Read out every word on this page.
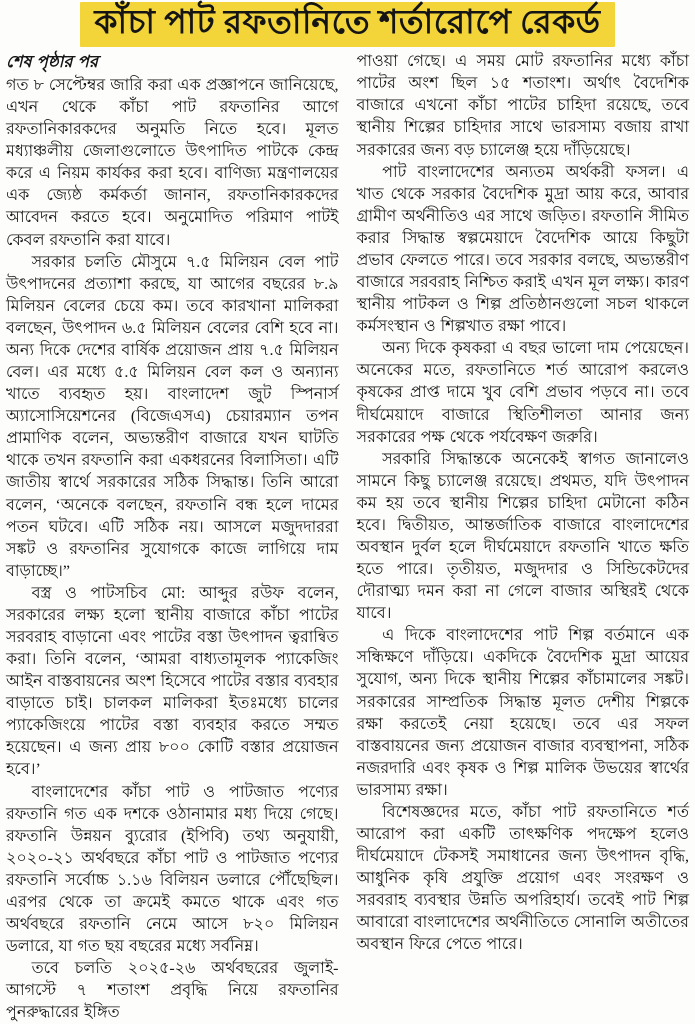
কাঁচা পাট রফতানিতে শর্তারোপে রেকর্ড
শেষ পৃষ্ঠার পর

গত ৮ সেপ্টেম্বর জারি করা এক প্রজ্ঞাপনে জানিয়েছে, এখন থেকে কাঁচা পাট রফতানির আগে রফতানিকারকদের অনুমতি নিতে হবে। মূলত মধ্যাঞ্চলীয় জেলাগুলোতে উৎপাদিত পাটকে কেন্দ্র করে এ নিয়ম কার্যকর করা হবে। বাণিজ্য মন্ত্রণালয়ের এক জ্যেষ্ঠ কর্মকর্তা জানান, রফতানিকারকদের আবেদন করতে হবে। অনুমোদিত পরিমাণ পাটই কেবল রফতানি করা যাবে।

সরকার চলতি মৌসুমে ৭.৫ মিলিয়ন বেল পাট উৎপাদনের প্রত্যাশা করছে, যা আগের বছরের ৮.৯ মিলিয়ন বেলের চেয়ে কম। তবে কারখানা মালিকরা বলছেন, উৎপাদন ৬.৫ মিলিয়ন বেলের বেশি হবে না। অন্য দিকে দেশের বার্ষিক প্রয়োজন প্রায় ৭.৫ মিলিয়ন বেল। এর মধ্যে ৫.৫ মিলিয়ন বেল কল ও অন্যান্য খাতে ব্যবহৃত হয়। বাংলাদেশ জুট স্পিনার্স অ্যাসোসিয়েশনের (বিজেএসএ) চেয়ারম্যান তপন প্রামাণিক বলেন, অভ্যন্তরীণ বাজারে যখন ঘাটতি থাকে তখন রফতানি করা একধরনের বিলাসিতা। এটি জাতীয় স্বার্থে সরকারের সঠিক সিদ্ধান্ত। তিনি আরো বলেন, ‘অনেকে বলছেন, রফতানি বন্ধ হলে দামের পতন ঘটবে। এটি সঠিক নয়। আসলে মজুদদাররা সঙ্কট ও রফতানির সুযোগকে কাজে লাগিয়ে দাম বাড়াচ্ছে।”

বস্ত্র ও পাটসচিব মো: আব্দুর রউফ বলেন, সরকারের লক্ষ্য হলো স্থানীয় বাজারে কাঁচা পাটের সরবরাহ বাড়ানো এবং পাটের বস্তা উৎপাদন ত্বরান্বিত করা। তিনি বলেন, ‘আমরা বাধ্যতামূলক প্যাকেজিং আইন বাস্তবায়নের অংশ হিসেবে পাটের বস্তার ব্যবহার বাড়াতে চাই। চালকল মালিকরা ইতঃমধ্যে চালের প্যাকেজিংয়ে পাটের বস্তা ব্যবহার করতে সম্মত হয়েছেন। এ জন্য প্রায় ৮০০ কোটি বস্তার প্রয়োজন হবে।’

বাংলাদেশের কাঁচা পাট ও পাটজাত পণ্যের রফতানি গত এক দশকে ওঠানামার মধ্য দিয়ে গেছে। রফতানি উন্নয়ন ব্যুরোর (ইপিবি) তথ্য অনুযায়ী, ২০২০-২১ অর্থবছরে কাঁচা পাট ও পাটজাত পণ্যের রফতানি সর্বোচ্চ ১.১৬ বিলিয়ন ডলারে পৌঁছেছিল। এরপর থেকে তা ক্রমেই কমতে থাকে এবং গত অর্থবছরে রফতানি নেমে আসে ৮২০ মিলিয়ন ডলারে, যা গত ছয় বছরের মধ্যে সর্বনিম্ন।

তবে চলতি ২০২৫-২৬ অর্থবছরের জুলাই-আগস্টে ৭ শতাংশ প্রবৃদ্ধি নিয়ে রফতানির পুনরুদ্ধারের ইঙ্গিত

পাওয়া গেছে। এ সময় মোট রফতানির মধ্যে কাঁচা পাটের অংশ ছিল ১৫ শতাংশ। অর্থাৎ বৈদেশিক বাজারে এখনো কাঁচা পাটের চাহিদা রয়েছে, তবে স্থানীয় শিল্পের চাহিদার সাথে ভারসাম্য বজায় রাখা সরকারের জন্য বড় চ্যালেঞ্জ হয়ে দাঁড়িয়েছে।

পাট বাংলাদেশের অন্যতম অর্থকরী ফসল। এ খাত থেকে সরকার বৈদেশিক মুদ্রা আয় করে, আবার গ্রামীণ অর্থনীতিও এর সাথে জড়িত। রফতানি সীমিত করার সিদ্ধান্ত স্বল্পমেয়াদে বৈদেশিক আয়ে কিছুটা প্রভাব ফেলতে পারে। তবে সরকার বলছে, অভ্যন্তরীণ বাজারে সরবরাহ নিশ্চিত করাই এখন মূল লক্ষ্য। কারণ স্থানীয় পাটকল ও শিল্প প্রতিষ্ঠানগুলো সচল থাকলে কর্মসংস্থান ও শিল্পখাত রক্ষা পাবে।

অন্য দিকে কৃষকরা এ বছর ভালো দাম পেয়েছেন। অনেকের মতে, রফতানিতে শর্ত আরোপ করলেও কৃষকের প্রাপ্ত দামে খুব বেশি প্রভাব পড়বে না। তবে দীর্ঘমেয়াদে বাজারে স্থিতিশীলতা আনার জন্য সরকারের পক্ষ থেকে পর্যবেক্ষণ জরুরি।

সরকারি সিদ্ধান্তকে অনেকেই স্বাগত জানালেও সামনে কিছু চ্যালেঞ্জ রয়েছে। প্রথমত, যদি উৎপাদন কম হয় তবে স্থানীয় শিল্পের চাহিদা মেটানো কঠিন হবে। দ্বিতীয়ত, আন্তর্জাতিক বাজারে বাংলাদেশের অবস্থান দুর্বল হলে দীর্ঘমেয়াদে রফতানি খাতে ক্ষতি হতে পারে। তৃতীয়ত, মজুদদার ও সিন্ডিকেটদের দৌরাত্ম্য দমন করা না গেলে বাজার অস্থিরই থেকে যাবে।

এ দিকে বাংলাদেশের পাট শিল্প বর্তমানে এক সন্ধিক্ষণে দাঁড়িয়ে। একদিকে বৈদেশিক মুদ্রা আয়ের সুযোগ, অন্য দিকে স্থানীয় শিল্পের কাঁচামালের সঙ্কট। সরকারের সাম্প্রতিক সিদ্ধান্ত মূলত দেশীয় শিল্পকে রক্ষা করতেই নেয়া হয়েছে। তবে এর সফল বাস্তবায়নের জন্য প্রয়োজন বাজার ব্যবস্থাপনা, সঠিক নজরদারি এবং কৃষক ও শিল্প মালিক উভয়ের স্বার্থের ভারসাম্য রক্ষা।

বিশেষজ্ঞদের মতে, কাঁচা পাট রফতানিতে শর্ত আরোপ করা একটি তাৎক্ষণিক পদক্ষেপ হলেও দীর্ঘমেয়াদে টেকসই সমাধানের জন্য উৎপাদন বৃদ্ধি, আধুনিক কৃষি প্রযুক্তি প্রয়োগ এবং সংরক্ষণ ও সরবরাহ ব্যবস্থার উন্নতি অপরিহার্য। তবেই পাট শিল্প আবারো বাংলাদেশের অর্থনীতিতে সোনালি অতীতের অবস্থান ফিরে পেতে পারে।
